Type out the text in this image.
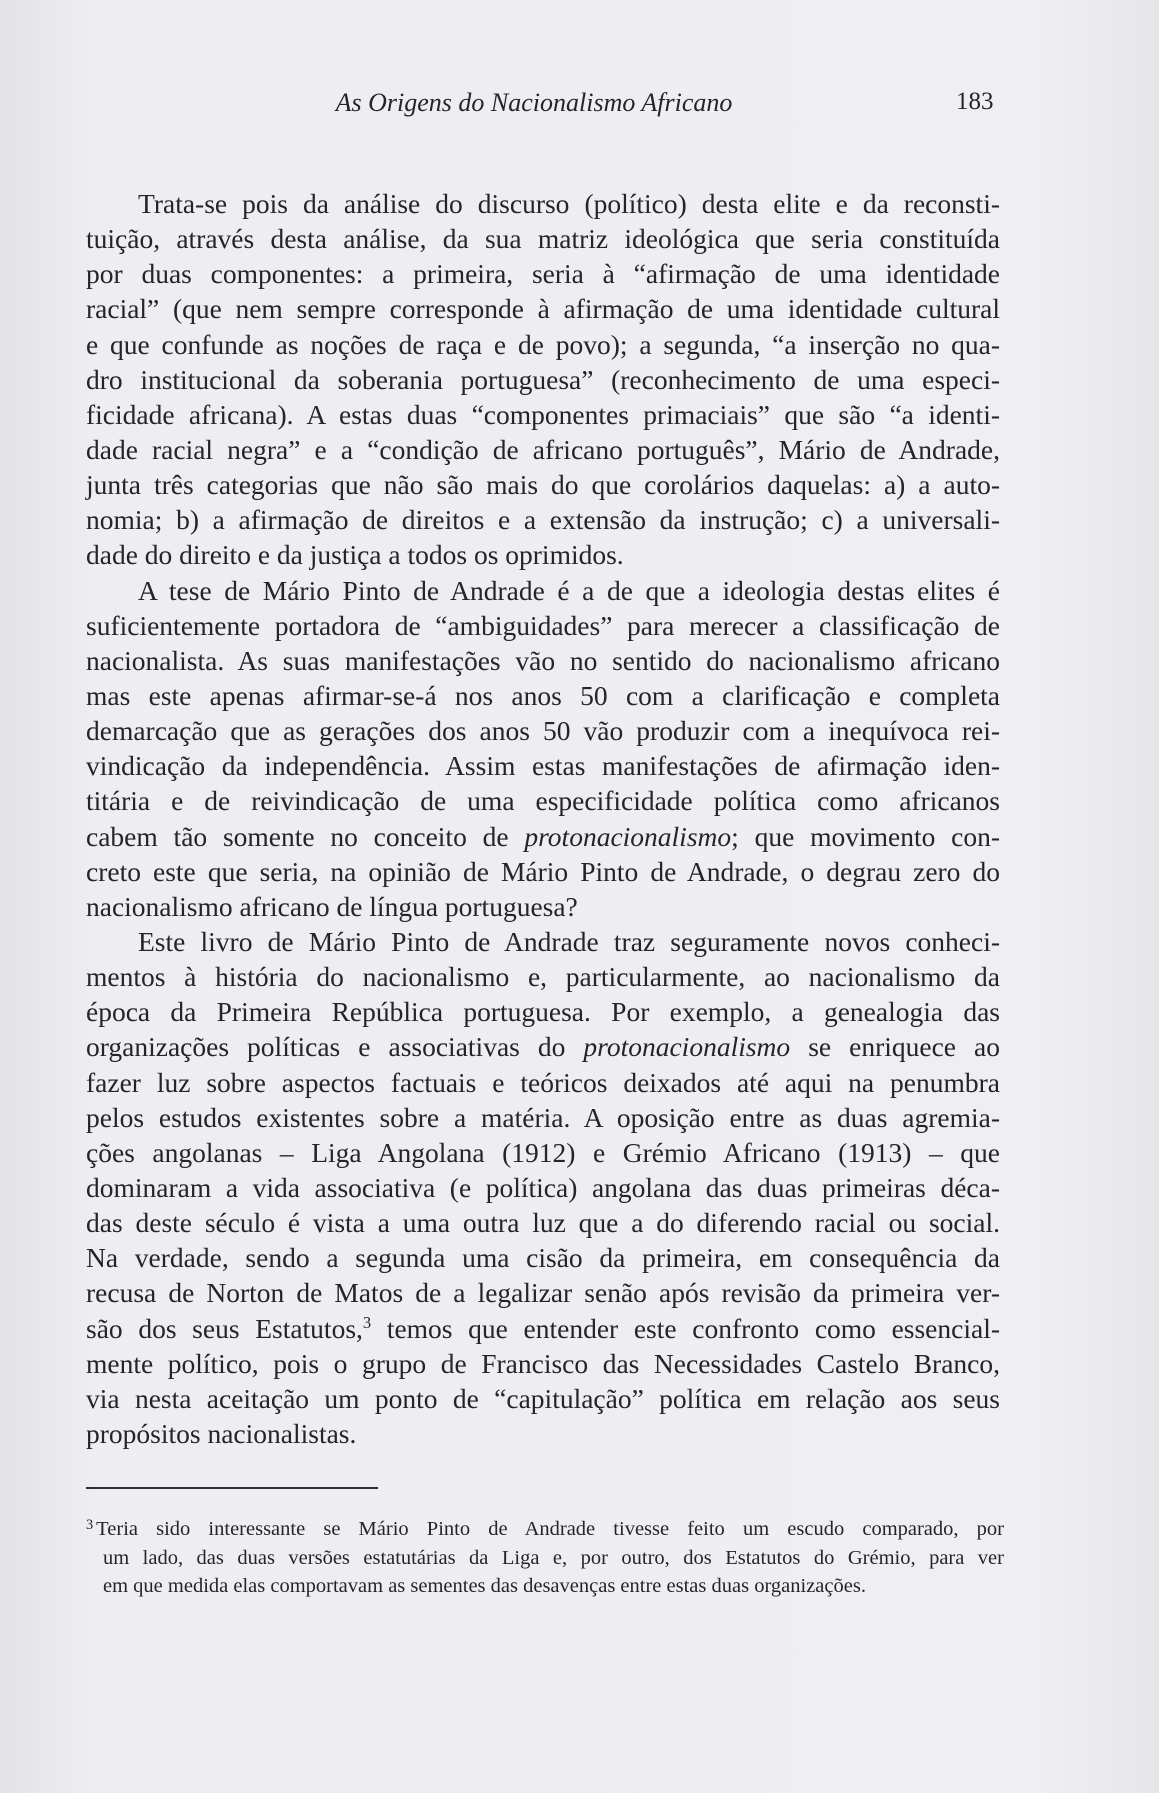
As Origens do Nacionalismo Africano	183
Trata-se pois da análise do discurso (político) desta elite e da reconsti-
tuição, através desta análise, da sua matriz ideológica que seria constituída
por duas componentes: a primeira, seria à “afirmação de uma identidade
racial” (que nem sempre corresponde à afirmação de uma identidade cultural
e que confunde as noções de raça e de povo); a segunda, “a inserção no qua-
dro institucional da soberania portuguesa” (reconhecimento de uma especi-
ficidade africana). A estas duas “componentes primaciais” que são “a identi-
dade racial negra” e a “condição de africano português”, Mário de Andrade,
junta três categorias que não são mais do que corolários daquelas: a) a auto-
nomia; b) a afirmação de direitos e a extensão da instrução; c) a universali-
dade do direito e da justiça a todos os oprimidos.
A tese de Mário Pinto de Andrade é a de que a ideologia destas elites é
suficientemente portadora de “ambiguidades” para merecer a classificação de
nacionalista. As suas manifestações vão no sentido do nacionalismo africano
mas este apenas afirmar-se-á nos anos 50 com a clarificação e completa
demarcação que as gerações dos anos 50 vão produzir com a inequívoca rei-
vindicação da independência. Assim estas manifestações de afirmação iden-
titária e de reivindicação de uma especificidade política como africanos
cabem tão somente no conceito de protonacionalismo; que movimento con-
creto este que seria, na opinião de Mário Pinto de Andrade, o degrau zero do
nacionalismo africano de língua portuguesa?
Este livro de Mário Pinto de Andrade traz seguramente novos conheci-
mentos à história do nacionalismo e, particularmente, ao nacionalismo da
época da Primeira República portuguesa. Por exemplo, a genealogia das
organizações políticas e associativas do protonacionalismo se enriquece ao
fazer luz sobre aspectos factuais e teóricos deixados até aqui na penumbra
pelos estudos existentes sobre a matéria. A oposição entre as duas agremia-
ções angolanas – Liga Angolana (1912) e Grémio Africano (1913) – que
dominaram a vida associativa (e política) angolana das duas primeiras déca-
das deste século é vista a uma outra luz que a do diferendo racial ou social.
Na verdade, sendo a segunda uma cisão da primeira, em consequência da
recusa de Norton de Matos de a legalizar senão após revisão da primeira ver-
são dos seus Estatutos,$^3$ temos que entender este confronto como essencial-
mente político, pois o grupo de Francisco das Necessidades Castelo Branco,
via nesta aceitação um ponto de “capitulação” política em relação aos seus
propósitos nacionalistas.
$^3$ Teria sido interessante se Mário Pinto de Andrade tivesse feito um escudo comparado, por
um lado, das duas versões estatutárias da Liga e, por outro, dos Estatutos do Grémio, para ver
em que medida elas comportavam as sementes das desavenças entre estas duas organizações.
